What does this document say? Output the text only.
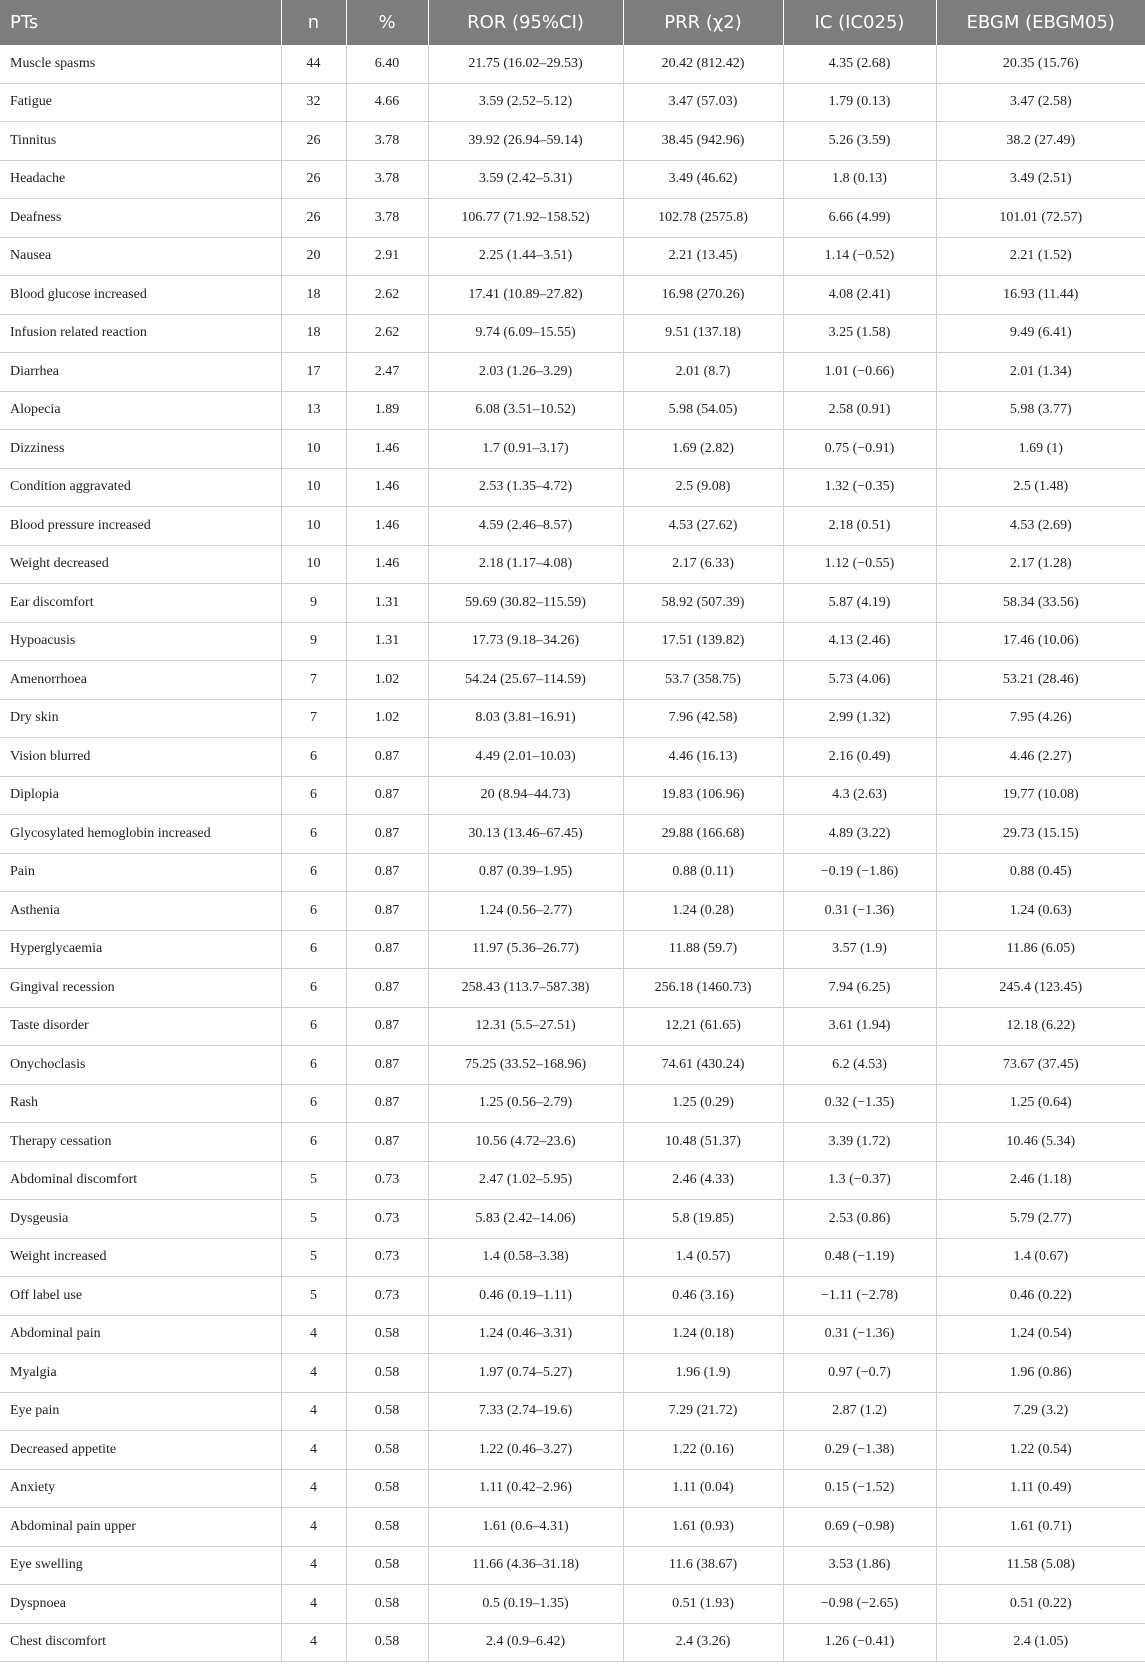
PTs	n	%	ROR (95%CI)	PRR (χ2)	IC (IC025)	EBGM (EBGM05)
Muscle spasms	44	6.40	21.75 (16.02–29.53)	20.42 (812.42)	4.35 (2.68)	20.35 (15.76)
Fatigue	32	4.66	3.59 (2.52–5.12)	3.47 (57.03)	1.79 (0.13)	3.47 (2.58)
Tinnitus	26	3.78	39.92 (26.94–59.14)	38.45 (942.96)	5.26 (3.59)	38.2 (27.49)
Headache	26	3.78	3.59 (2.42–5.31)	3.49 (46.62)	1.8 (0.13)	3.49 (2.51)
Deafness	26	3.78	106.77 (71.92–158.52)	102.78 (2575.8)	6.66 (4.99)	101.01 (72.57)
Nausea	20	2.91	2.25 (1.44–3.51)	2.21 (13.45)	1.14 (−0.52)	2.21 (1.52)
Blood glucose increased	18	2.62	17.41 (10.89–27.82)	16.98 (270.26)	4.08 (2.41)	16.93 (11.44)
Infusion related reaction	18	2.62	9.74 (6.09–15.55)	9.51 (137.18)	3.25 (1.58)	9.49 (6.41)
Diarrhea	17	2.47	2.03 (1.26–3.29)	2.01 (8.7)	1.01 (−0.66)	2.01 (1.34)
Alopecia	13	1.89	6.08 (3.51–10.52)	5.98 (54.05)	2.58 (0.91)	5.98 (3.77)
Dizziness	10	1.46	1.7 (0.91–3.17)	1.69 (2.82)	0.75 (−0.91)	1.69 (1)
Condition aggravated	10	1.46	2.53 (1.35–4.72)	2.5 (9.08)	1.32 (−0.35)	2.5 (1.48)
Blood pressure increased	10	1.46	4.59 (2.46–8.57)	4.53 (27.62)	2.18 (0.51)	4.53 (2.69)
Weight decreased	10	1.46	2.18 (1.17–4.08)	2.17 (6.33)	1.12 (−0.55)	2.17 (1.28)
Ear discomfort	9	1.31	59.69 (30.82–115.59)	58.92 (507.39)	5.87 (4.19)	58.34 (33.56)
Hypoacusis	9	1.31	17.73 (9.18–34.26)	17.51 (139.82)	4.13 (2.46)	17.46 (10.06)
Amenorrhoea	7	1.02	54.24 (25.67–114.59)	53.7 (358.75)	5.73 (4.06)	53.21 (28.46)
Dry skin	7	1.02	8.03 (3.81–16.91)	7.96 (42.58)	2.99 (1.32)	7.95 (4.26)
Vision blurred	6	0.87	4.49 (2.01–10.03)	4.46 (16.13)	2.16 (0.49)	4.46 (2.27)
Diplopia	6	0.87	20 (8.94–44.73)	19.83 (106.96)	4.3 (2.63)	19.77 (10.08)
Glycosylated hemoglobin increased	6	0.87	30.13 (13.46–67.45)	29.88 (166.68)	4.89 (3.22)	29.73 (15.15)
Pain	6	0.87	0.87 (0.39–1.95)	0.88 (0.11)	−0.19 (−1.86)	0.88 (0.45)
Asthenia	6	0.87	1.24 (0.56–2.77)	1.24 (0.28)	0.31 (−1.36)	1.24 (0.63)
Hyperglycaemia	6	0.87	11.97 (5.36–26.77)	11.88 (59.7)	3.57 (1.9)	11.86 (6.05)
Gingival recession	6	0.87	258.43 (113.7–587.38)	256.18 (1460.73)	7.94 (6.25)	245.4 (123.45)
Taste disorder	6	0.87	12.31 (5.5–27.51)	12.21 (61.65)	3.61 (1.94)	12.18 (6.22)
Onychoclasis	6	0.87	75.25 (33.52–168.96)	74.61 (430.24)	6.2 (4.53)	73.67 (37.45)
Rash	6	0.87	1.25 (0.56–2.79)	1.25 (0.29)	0.32 (−1.35)	1.25 (0.64)
Therapy cessation	6	0.87	10.56 (4.72–23.6)	10.48 (51.37)	3.39 (1.72)	10.46 (5.34)
Abdominal discomfort	5	0.73	2.47 (1.02–5.95)	2.46 (4.33)	1.3 (−0.37)	2.46 (1.18)
Dysgeusia	5	0.73	5.83 (2.42–14.06)	5.8 (19.85)	2.53 (0.86)	5.79 (2.77)
Weight increased	5	0.73	1.4 (0.58–3.38)	1.4 (0.57)	0.48 (−1.19)	1.4 (0.67)
Off label use	5	0.73	0.46 (0.19–1.11)	0.46 (3.16)	−1.11 (−2.78)	0.46 (0.22)
Abdominal pain	4	0.58	1.24 (0.46–3.31)	1.24 (0.18)	0.31 (−1.36)	1.24 (0.54)
Myalgia	4	0.58	1.97 (0.74–5.27)	1.96 (1.9)	0.97 (−0.7)	1.96 (0.86)
Eye pain	4	0.58	7.33 (2.74–19.6)	7.29 (21.72)	2.87 (1.2)	7.29 (3.2)
Decreased appetite	4	0.58	1.22 (0.46–3.27)	1.22 (0.16)	0.29 (−1.38)	1.22 (0.54)
Anxiety	4	0.58	1.11 (0.42–2.96)	1.11 (0.04)	0.15 (−1.52)	1.11 (0.49)
Abdominal pain upper	4	0.58	1.61 (0.6–4.31)	1.61 (0.93)	0.69 (−0.98)	1.61 (0.71)
Eye swelling	4	0.58	11.66 (4.36–31.18)	11.6 (38.67)	3.53 (1.86)	11.58 (5.08)
Dyspnoea	4	0.58	0.5 (0.19–1.35)	0.51 (1.93)	−0.98 (−2.65)	0.51 (0.22)
Chest discomfort	4	0.58	2.4 (0.9–6.42)	2.4 (3.26)	1.26 (−0.41)	2.4 (1.05)
